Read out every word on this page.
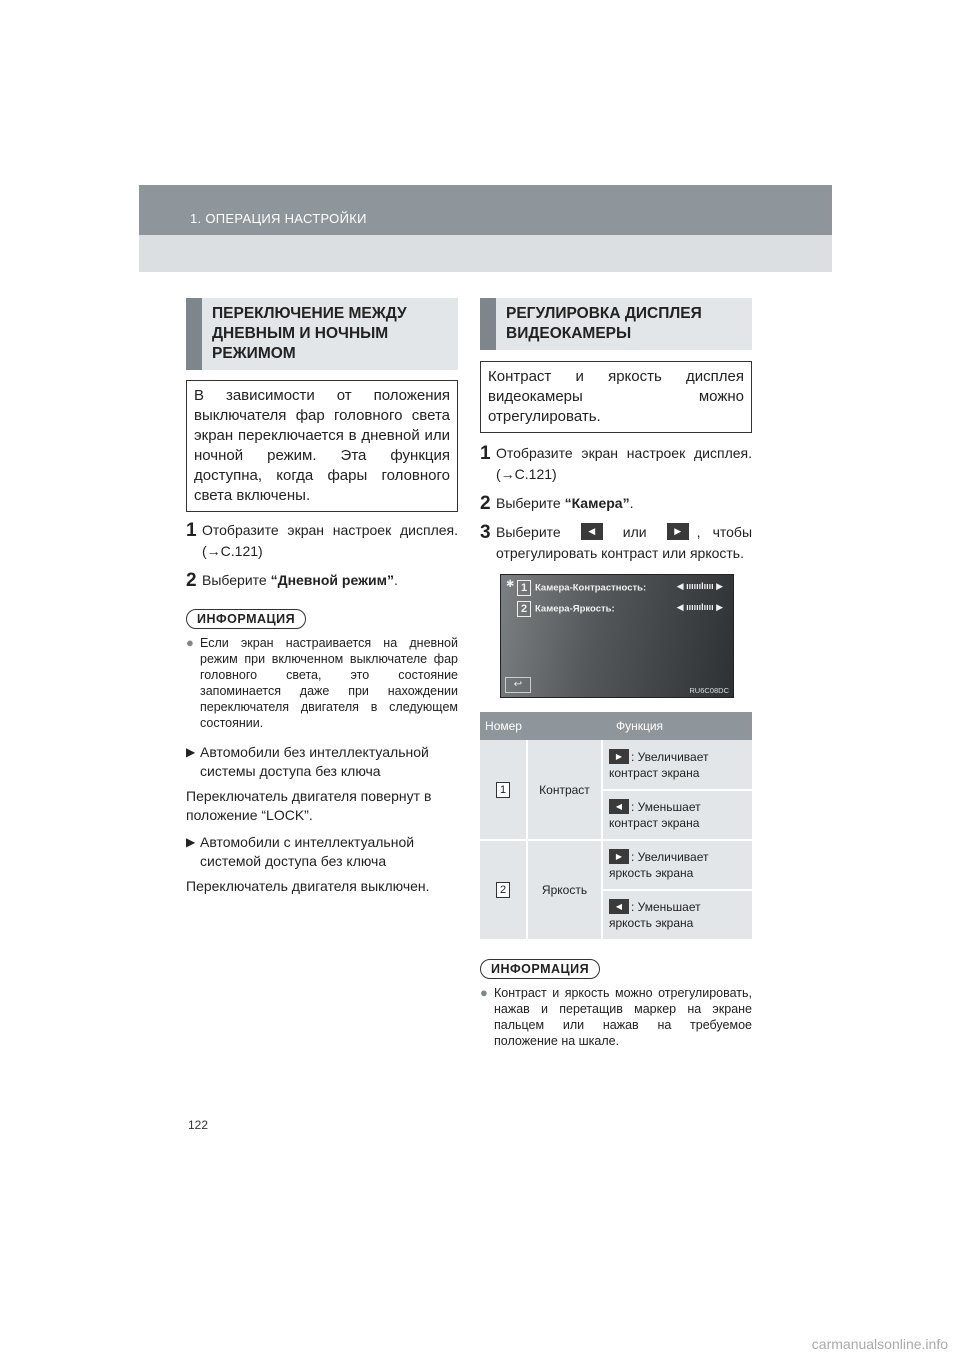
1. ОПЕРАЦИЯ НАСТРОЙКИ
ПЕРЕКЛЮЧЕНИЕ МЕЖДУ
ДНЕВНЫМ И НОЧНЫМ
РЕЖИМОМ
В зависимости от положения выключателя фар головного света экран переключается в дневной или ночной режим. Эта функция доступна, когда фары головного света включены.
1 Отобразите экран настроек дисплея. (→С.121)
2 Выберите “Дневной режим”.
ИНФОРМАЦИЯ
● Если экран настраивается на дневной режим при включенном выключателе фар головного света, это состояние запоминается даже при нахождении переключателя двигателя в следующем состоянии.
▶ Автомобили без интеллектуальной системы доступа без ключа
Переключатель двигателя повернут в положение “LOCK”.
▶ Автомобили с интеллектуальной системой доступа без ключа
Переключатель двигателя выключен.
РЕГУЛИРОВКА ДИСПЛЕЯ
ВИДЕОКАМЕРЫ
Контраст и яркость дисплея видеокамеры можно отрегулировать.
1 Отобразите экран настроек дисплея. (→С.121)
2 Выберите “Камера”.
3 Выберите	◀	или	▶	, чтобы отрегулировать контраст или яркость.
✱ 1 Камера-Контрастность:	◀ ıııııılıııı ▶
2 Камера-Яркость:	◀ ıııııılıııı ▶
↩
RU6C08DC
Номер	Функция	
1	Контраст	▶ : Увеличивает контраст экрана

		◀ : Уменьшает контраст экрана
2	Яркость	▶ : Увеличивает яркость экрана

		◀ : Уменьшает яркость экрана
ИНФОРМАЦИЯ
● Контраст и яркость можно отрегулировать, нажав и перетащив маркер на экране пальцем или нажав на требуемое положение на шкале.
122
carmanualsonline.info
